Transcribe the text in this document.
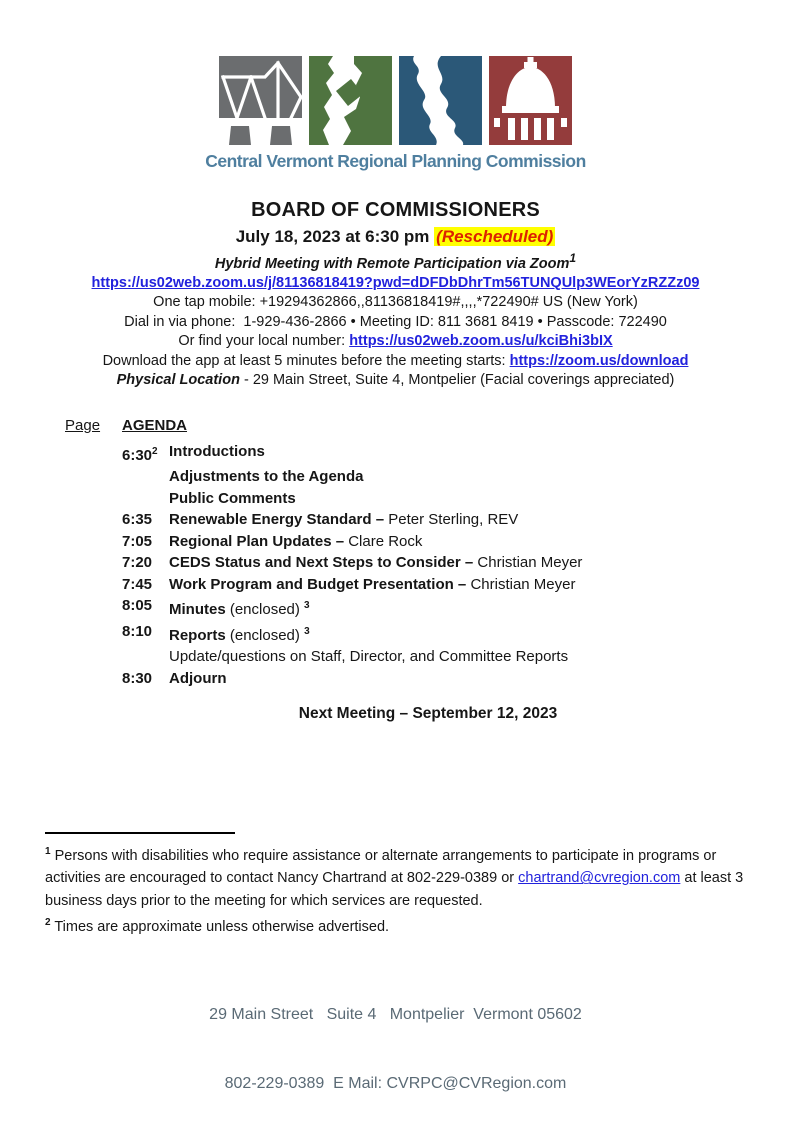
Central Vermont Regional Planning Commission
BOARD OF COMMISSIONERS
July 18, 2023 at 6:30 pm (Rescheduled)
Hybrid Meeting with Remote Participation via Zoom$^1$
https://us02web.zoom.us/j/81136818419?pwd=dDFDbDhrTm56TUNQUlp3WEorYzRZZz09
One tap mobile: +19294362866,,81136818419#,,,,*722490# US (New York)
Dial in via phone:  1-929-436-2866 • Meeting ID: 811 3681 8419 • Passcode: 722490
Or find your local number: https://us02web.zoom.us/u/kciBhi3bIX
Download the app at least 5 minutes before the meeting starts: https://zoom.us/download
Physical Location - 29 Main Street, Suite 4, Montpelier (Facial coverings appreciated)
Page	AGENDA
$6:30^2$ Introductions
Adjustments to the Agenda
Public Comments
6:35	Renewable Energy Standard – Peter Sterling, REV
7:05	Regional Plan Updates – Clare Rock
7:20	CEDS Status and Next Steps to Consider – Christian Meyer
7:45	Work Program and Budget Presentation – Christian Meyer
8:05	Minutes (enclosed) $^3$
8:10	Reports (enclosed) $^3$
Update/questions on Staff, Director, and Committee Reports
8:30	Adjourn
Next Meeting – September 12, 2023
$^1$ Persons with disabilities who require assistance or alternate arrangements to participate in programs or activities are encouraged to contact Nancy Chartrand at 802-229-0389 or chartrand@cvregion.com at least 3 business days prior to the meeting for which services are requested.
$^2$ Times are approximate unless otherwise advertised.

29 Main Street   Suite 4   Montpelier  Vermont 05602

802-229-0389  E Mail: CVRPC@CVRegion.com
